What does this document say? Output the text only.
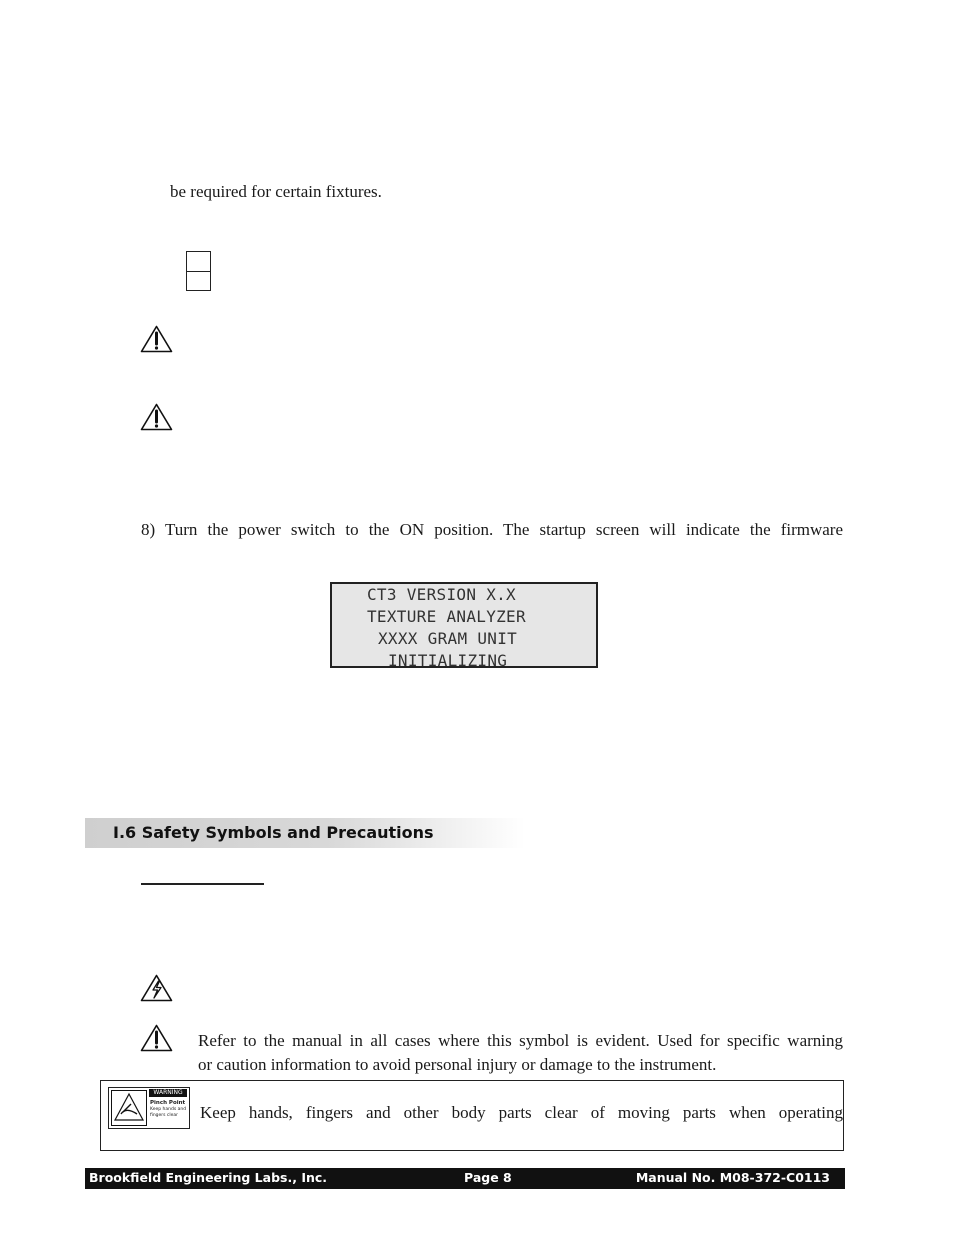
be required for certain fixtures.
8) Turn the power switch to the ON position. The startup screen will indicate the firmware
CT3 VERSION X.X
TEXTURE ANALYZER
XXXX GRAM UNIT
INITIALIZING
I.6 Safety Symbols and Precautions
Refer to the manual in all cases where this symbol is evident. Used for specific warning
or caution information to avoid personal injury or damage to the instrument.
WARNING
Pinch Point
Keep hands and
fingers clear Keep hands, fingers and other body parts clear of moving parts when operating
Brookfield Engineering Labs., Inc.	Page 8	Manual No. M08-372-C0113
